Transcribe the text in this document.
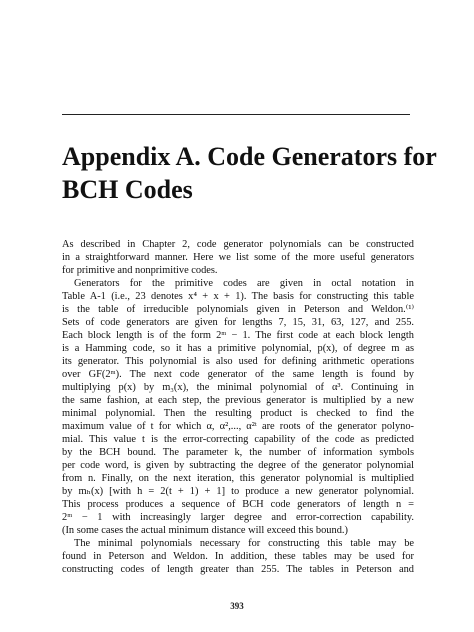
Appendix A. Code Generators for
BCH Codes
As described in Chapter 2, code generator polynomials can be constructed
in a straightforward manner. Here we list some of the more useful generators
for primitive and nonprimitive codes.
Generators for the primitive codes are given in octal notation in
Table A-1 (i.e., 23 denotes x⁴ + x + 1). The basis for constructing this table
is the table of irreducible polynomials given in Peterson and Weldon.⁽¹⁾
Sets of code generators are given for lengths 7, 15, 31, 63, 127, and 255.
Each block length is of the form 2ᵐ − 1. The first code at each block length
is a Hamming code, so it has a primitive polynomial, p(x), of degree m as
its generator. This polynomial is also used for defining arithmetic operations
over GF(2ᵐ). The next code generator of the same length is found by
multiplying p(x) by m₃(x), the minimal polynomial of α³. Continuing in
the same fashion, at each step, the previous generator is multiplied by a new
minimal polynomial. Then the resulting product is checked to find the
maximum value of t for which α, α²,..., α²ᵗ are roots of the generator polyno-
mial. This value t is the error-correcting capability of the code as predicted
by the BCH bound. The parameter k, the number of information symbols
per code word, is given by subtracting the degree of the generator polynomial
from n. Finally, on the next iteration, this generator polynomial is multiplied
by mₕ(x) [with h = 2(t + 1) + 1] to produce a new generator polynomial.
This process produces a sequence of BCH code generators of length n =
2ᵐ − 1 with increasingly larger degree and error-correction capability.
(In some cases the actual minimum distance will exceed this bound.)
The minimal polynomials necessary for constructing this table may be
found in Peterson and Weldon. In addition, these tables may be used for
constructing codes of length greater than 255. The tables in Peterson and
393
